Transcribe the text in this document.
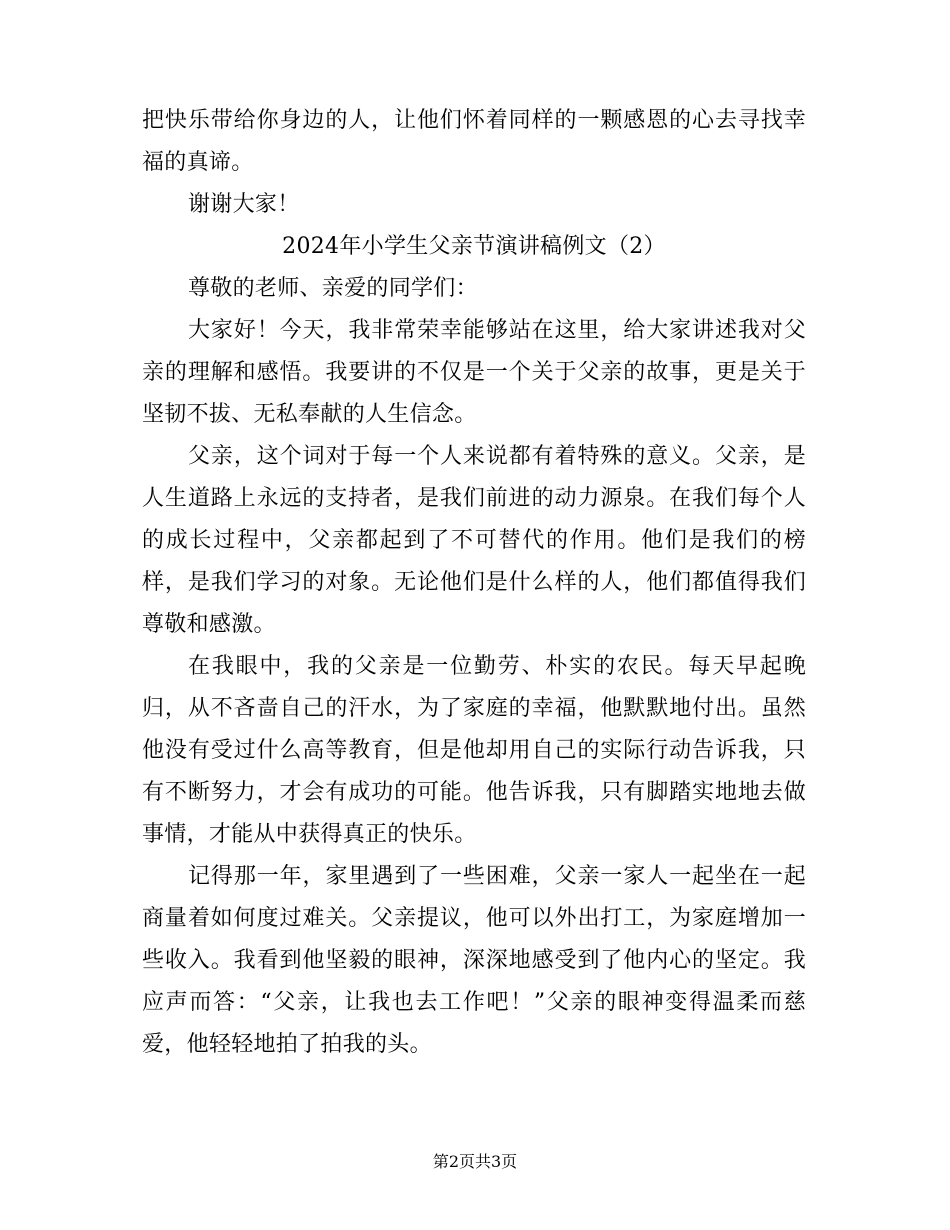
把快乐带给你身边的人，让他们怀着同样的一颗感恩的心去寻找幸福的真谛。

谢谢大家！

2024年小学生父亲节演讲稿例文（2）

尊敬的老师、亲爱的同学们：

大家好！今天，我非常荣幸能够站在这里，给大家讲述我对父亲的理解和感悟。我要讲的不仅是一个关于父亲的故事，更是关于坚韧不拔、无私奉献的人生信念。

父亲，这个词对于每一个人来说都有着特殊的意义。父亲，是人生道路上永远的支持者，是我们前进的动力源泉。在我们每个人的成长过程中，父亲都起到了不可替代的作用。他们是我们的榜样，是我们学习的对象。无论他们是什么样的人，他们都值得我们尊敬和感激。

在我眼中，我的父亲是一位勤劳、朴实的农民。每天早起晚归，从不吝啬自己的汗水，为了家庭的幸福，他默默地付出。虽然他没有受过什么高等教育，但是他却用自己的实际行动告诉我，只有不断努力，才会有成功的可能。他告诉我，只有脚踏实地地去做事情，才能从中获得真正的快乐。

记得那一年，家里遇到了一些困难，父亲一家人一起坐在一起商量着如何度过难关。父亲提议，他可以外出打工，为家庭增加一些收入。我看到他坚毅的眼神，深深地感受到了他内心的坚定。我应声而答：“父亲，让我也去工作吧！”父亲的眼神变得温柔而慈爱，他轻轻地拍了拍我的头。

第2页共3页
